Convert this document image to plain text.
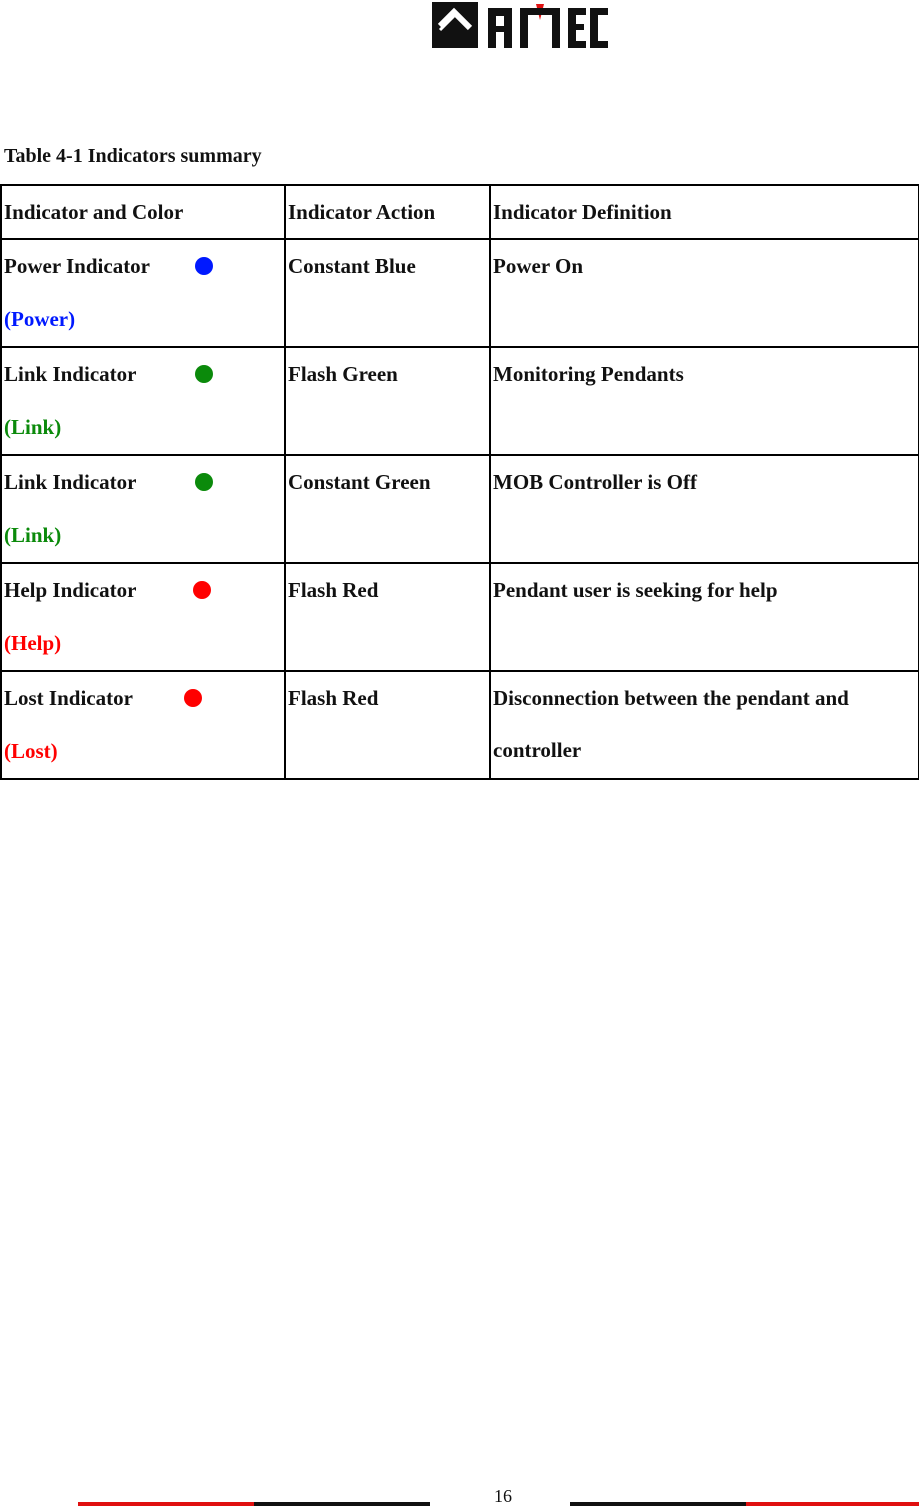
Table 4-1 Indicators summary
Indicator and Color	Indicator Action	Indicator Definition

Power Indicator
(Power)	Constant Blue	Power On

Link Indicator
(Link)	Flash Green	Monitoring Pendants

Link Indicator
(Link)	Constant Green	MOB Controller is Off

Help Indicator
(Help)	Flash Red	Pendant user is seeking for help

Lost Indicator
(Lost)	Flash Red	Disconnection between the pendant and controller
16
